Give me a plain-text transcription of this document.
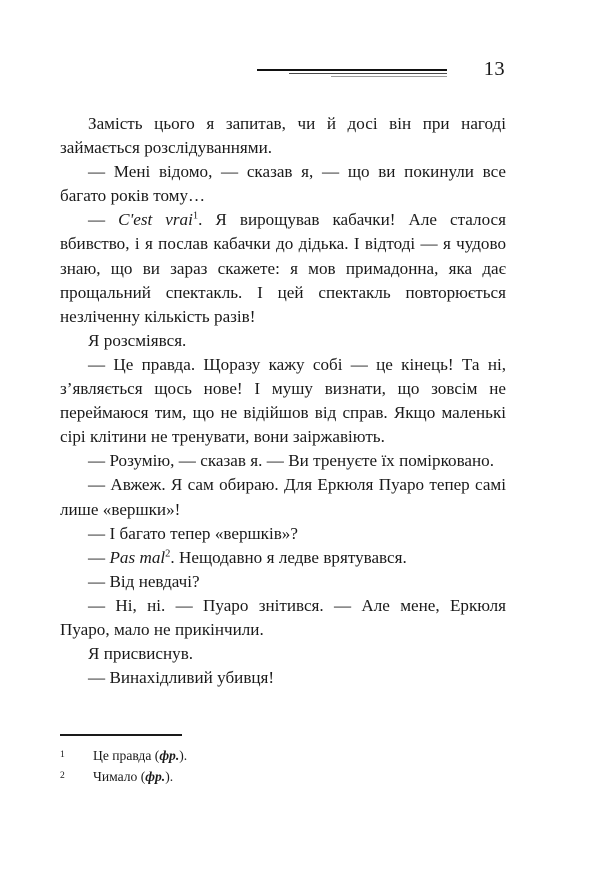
13

Замість цього я запитав, чи й досі він при нагоді займається розслідуваннями.

— Мені відомо, — сказав я, — що ви покинули все багато років тому…

— C'est vrai$^1$. Я вирощував кабачки! Але сталося вбивство, і я послав кабачки до дідька. І відтоді — я чудово знаю, що ви зараз скажете: я мов примадонна, яка дає прощальний спектакль. І цей спектакль повторюється незліченну кількість разів!

Я розсміявся.

— Це правда. Щоразу кажу собі — це кінець! Та ні, з’являється щось нове! І мушу визнати, що зовсім не переймаюся тим, що не відійшов від справ. Якщо маленькі сірі клітини не тренувати, вони заіржавіють.

— Розумію, — сказав я. — Ви тренуєте їх помірковано.

— Авжеж. Я сам обираю. Для Еркюля Пуаро тепер самі лише «вершки»!

— І багато тепер «вершків»?

— Pas mal$^2$. Нещодавно я ледве врятувався.

— Від невдачі?

— Ні, ні. — Пуаро знітився. — Але мене, Еркюля Пуаро, мало не прикінчили.

Я присвиснув.

— Винахідливий убивця!

1 Це правда (фр.).
2 Чимало (фр.).
